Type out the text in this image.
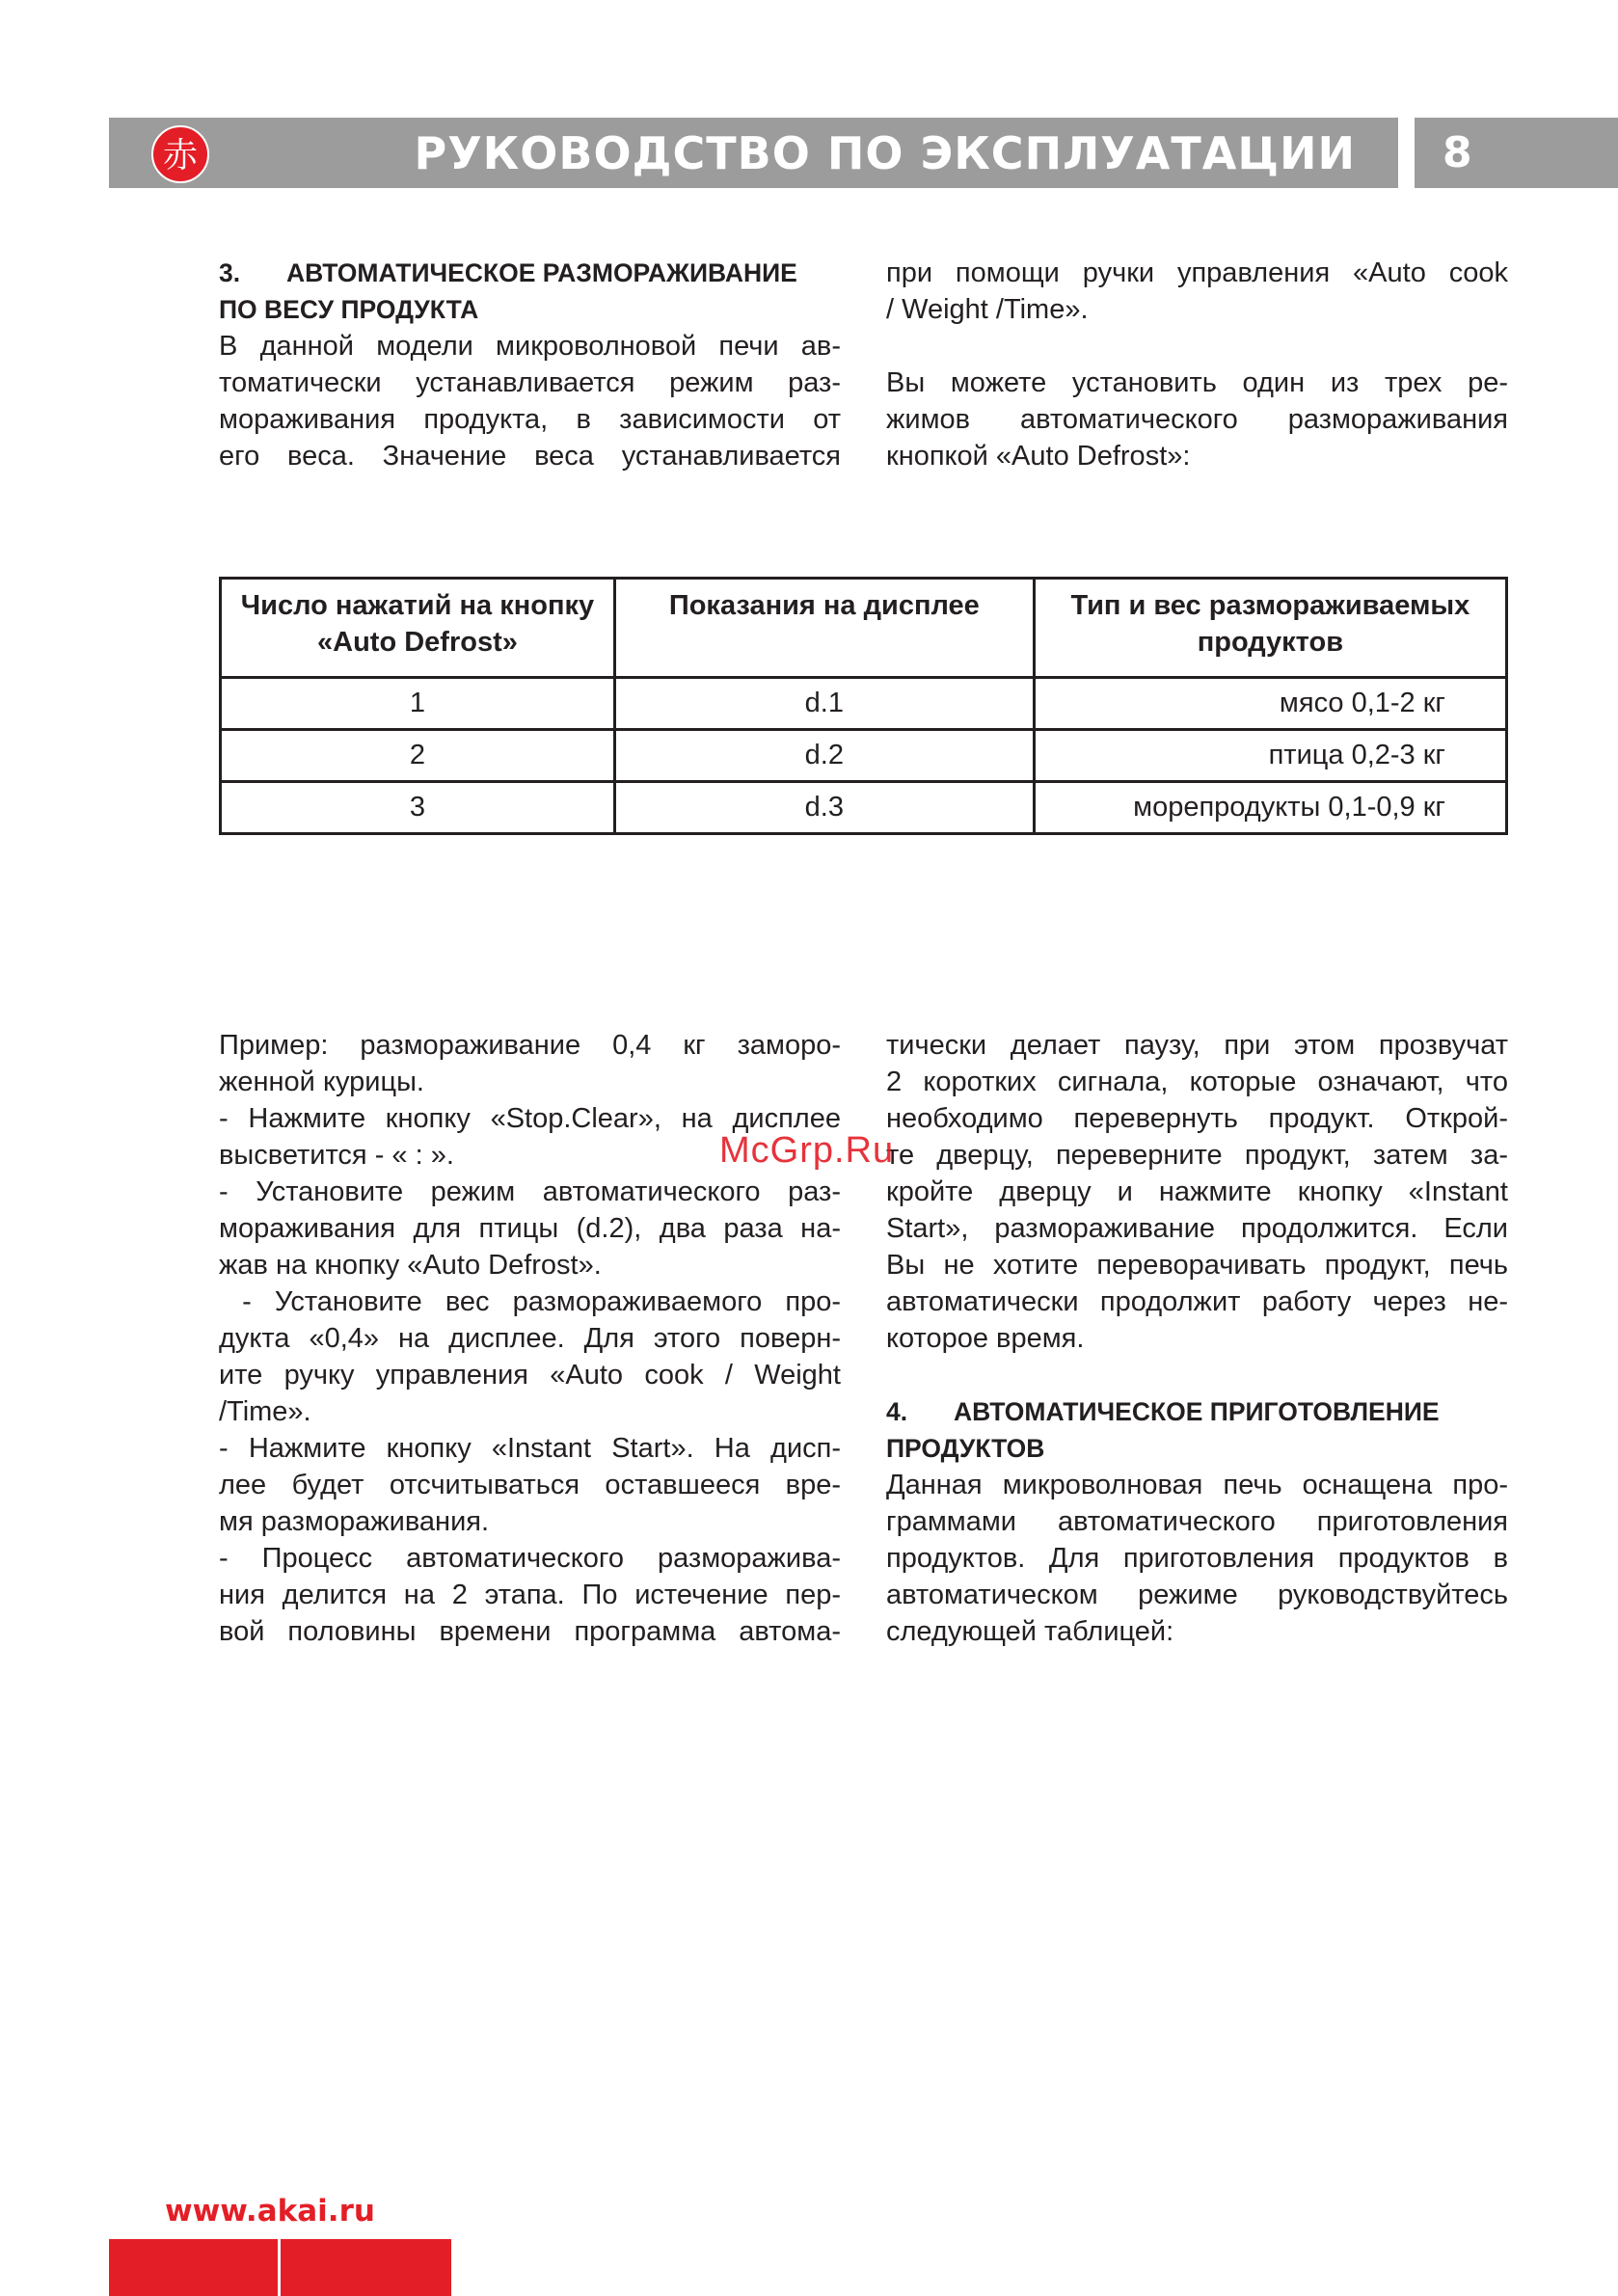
赤	РУКОВОДСТВО ПО ЭКСПЛУАТАЦИИ 8

3. АВТОМАТИЧЕСКОЕ РАЗМОРАЖИВАНИЕ
ПО ВЕСУ ПРОДУКТА

В данной модели микроволновой печи ав-

томатически устанавливается режим раз-

мораживания продукта, в зависимости от

его веса. Значение веса устанавливается

при помощи ручки управления «Auto cook

/ Weight /Time».

Вы можете установить один из трех ре-

жимов автоматического размораживания

кнопкой «Auto Defrost»:

Число нажатий на кнопку «Auto Defrost»	Показания на дисплее	Тип и вес размораживаемых продуктов
1	d.1	мясо 0,1-2 кг
2	d.2	птица 0,2-3 кг
3	d.3	морепродукты 0,1-0,9 кг

Пример: размораживание 0,4 кг заморо-

женной курицы.

- Нажмите кнопку «Stop.Clear», на дисплее

высветится - « : ».

- Установите режим автоматического раз-

мораживания для птицы (d.2), два раза на-

жав на кнопку «Auto Defrost».

- Установите вес размораживаемого про-

дукта «0,4» на дисплее. Для этого поверн-

ите ручку управления «Auto cook / Weight

/Time».

- Нажмите кнопку «Instant Start». На дисп-

лее будет отсчитываться оставшееся вре-

мя размораживания.

- Процесс автоматического разморажива-

ния делится на 2 этапа. По истечение пер-

вой половины времени программа автома-

тически делает паузу, при этом прозвучат

2 коротких сигнала, которые означают, что

необходимо перевернуть продукт. Открой-

те дверцу, переверните продукт, затем за-

кройте дверцу и нажмите кнопку «Instant

Start», размораживание продолжится. Если

Вы не хотите переворачивать продукт, печь

автоматически продолжит работу через не-

которое время.

4. АВТОМАТИЧЕСКОЕ ПРИГОТОВЛЕНИЕ
ПРОДУКТОВ

Данная микроволновая печь оснащена про-

граммами автоматического приготовления

продуктов. Для приготовления продуктов в

автоматическом режиме руководствуйтесь

следующей таблицей:

McGrp.Ru
www.akai.ru
